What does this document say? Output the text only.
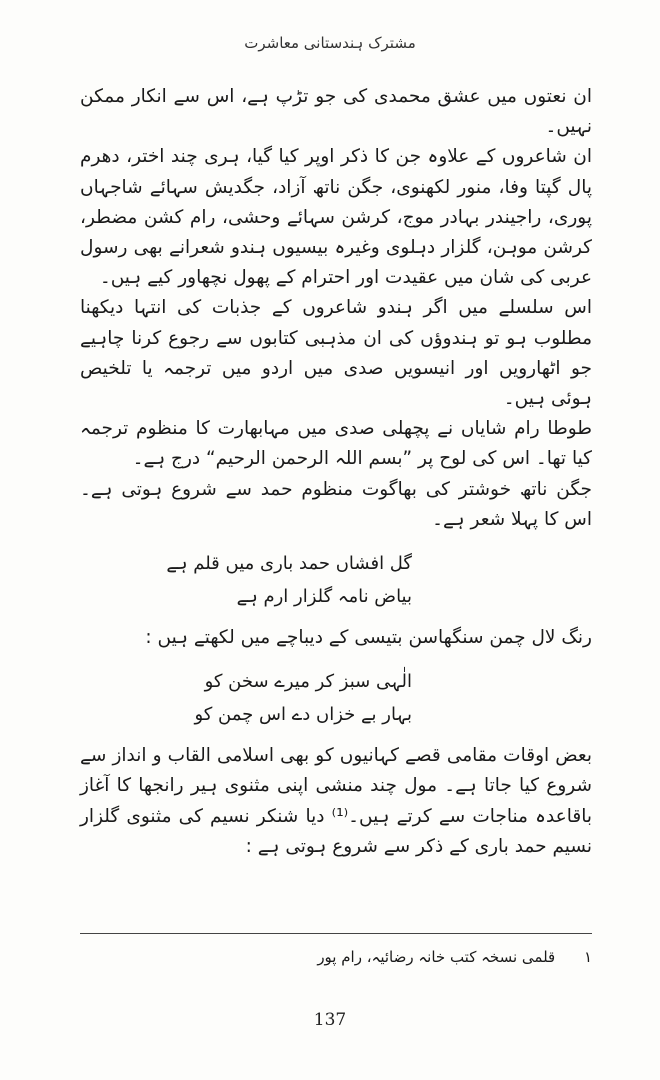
مشترک ہندستانی معاشرت

ان نعتوں میں عشق محمدی کی جو تڑپ ہے، اس سے انکار ممکن نہیں۔

ان شاعروں کے علاوہ جن کا ذکر اوپر کیا گیا، ہری چند اختر، دھرم پال گپتا وفا، منور لکھنوی، جگن ناتھ آزاد، جگدیش سہائے شاجہاں پوری، راجیندر بہادر موج، کرشن سہائے وحشی، رام کشن مضطر، کرشن موہن، گلزار دہلوی وغیرہ بیسیوں ہندو شعرانے بھی رسول عربی کی شان میں عقیدت اور احترام کے پھول نچھاور کیے ہیں۔

اس سلسلے میں اگر ہندو شاعروں کے جذبات کی انتہا دیکھنا مطلوب ہو تو ہندوؤں کی ان مذہبی کتابوں سے رجوع کرنا چاہیے جو اٹھارویں اور انیسویں صدی میں اردو میں ترجمہ یا تلخیص ہوئی ہیں۔

طوطا رام شایاں نے پچھلی صدی میں مہابھارت کا منظوم ترجمہ کیا تھا۔ اس کی لوح پر ”بسم اللہ الرحمن الرحیم“ درج ہے۔

جگن ناتھ خوشتر کی بھاگوت منظوم حمد سے شروع ہوتی ہے۔ اس کا پہلا شعر ہے۔

گل افشاں حمد باری میں قلم ہے
بیاض نامہ گلزار ارم ہے

رنگ لال چمن سنگھاسن بتیسی کے دیباچے میں لکھتے ہیں :

الٰہی سبز کر میرے سخن کو
بہار بے خزاں دے اس چمن کو

بعض اوقات مقامی قصے کہانیوں کو بھی اسلامی القاب و انداز سے شروع کیا جاتا ہے۔ مول چند منشی اپنی مثنوی ہیر رانجھا کا آغاز باقاعدہ مناجات سے کرتے ہیں۔⁽¹⁾ دیا شنکر نسیم کی مثنوی گلزار نسیم حمد باری کے ذکر سے شروع ہوتی ہے :

١ قلمی نسخہ کتب خانہ رضائیہ، رام پور
137
